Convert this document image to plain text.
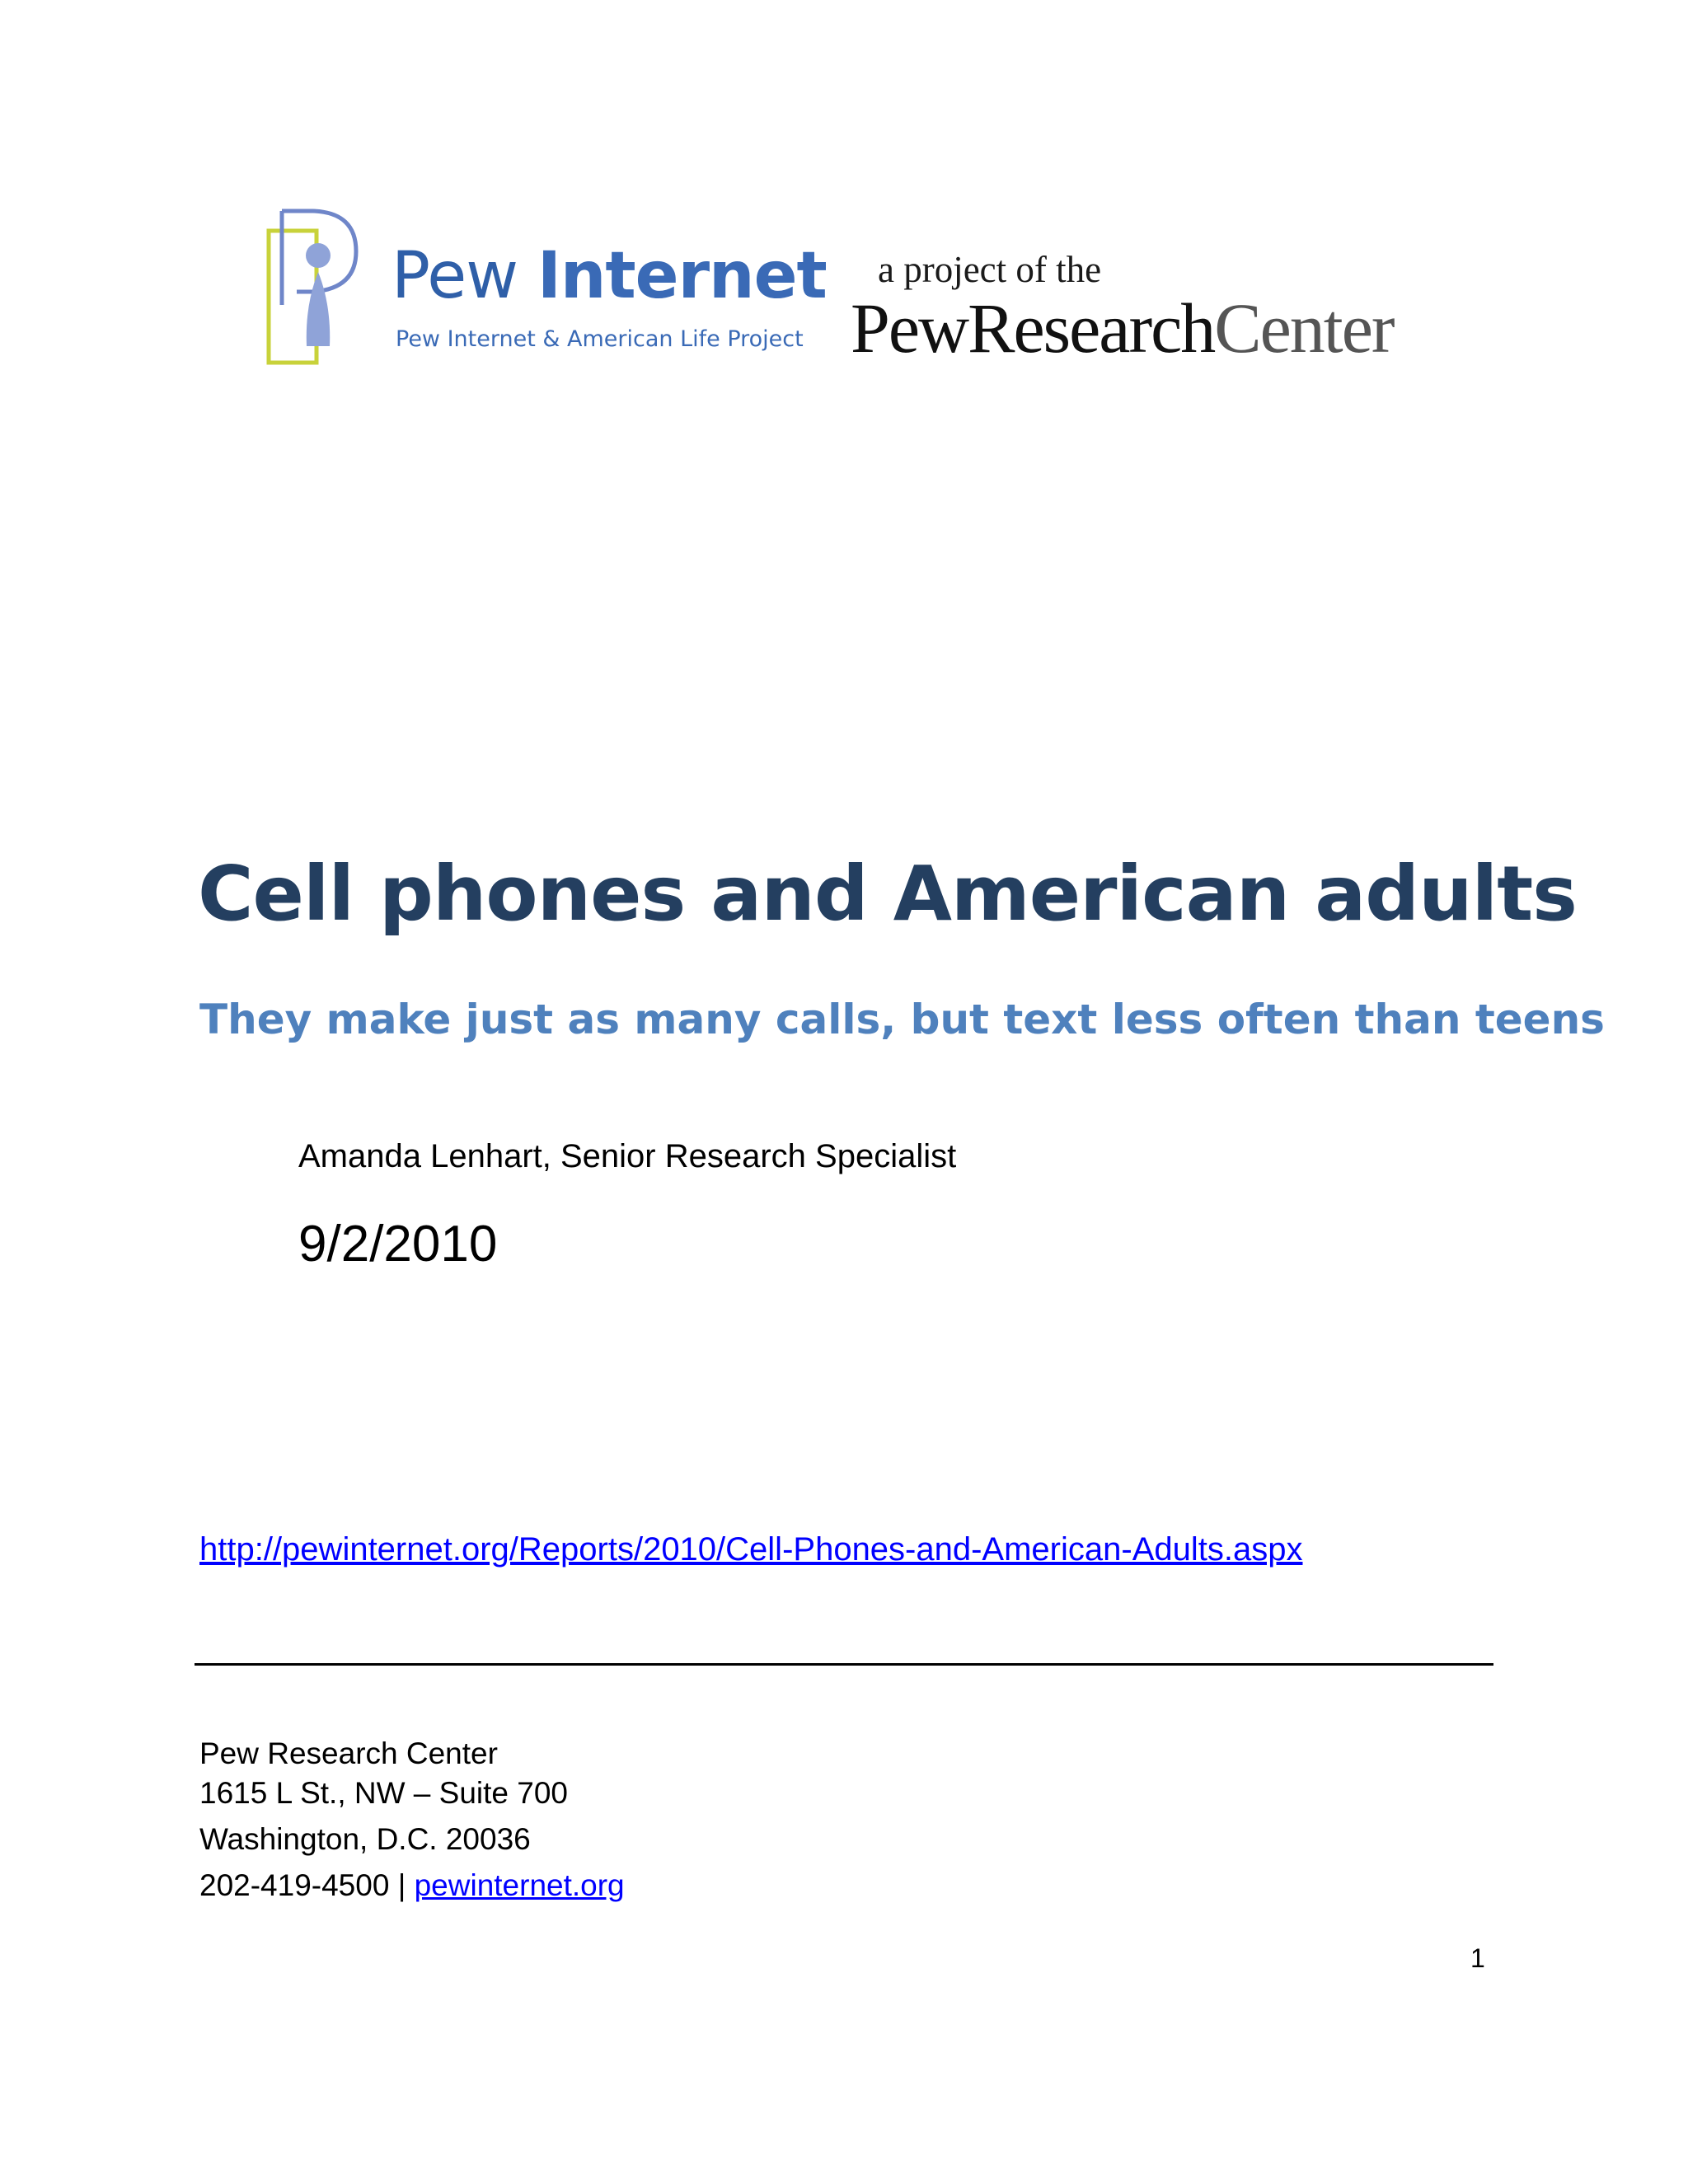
Pew Internet
Pew Internet & American Life Project
a project of the
PewResearchCenter
Cell phones and American adults
They make just as many calls, but text less often than teens
Amanda Lenhart, Senior Research Specialist
9/2/2010
http://pewinternet.org/Reports/2010/Cell-Phones-and-American-Adults.aspx
Pew Research Center
1615 L St., NW – Suite 700
Washington, D.C. 20036
202-419-4500 | pewinternet.org
1
